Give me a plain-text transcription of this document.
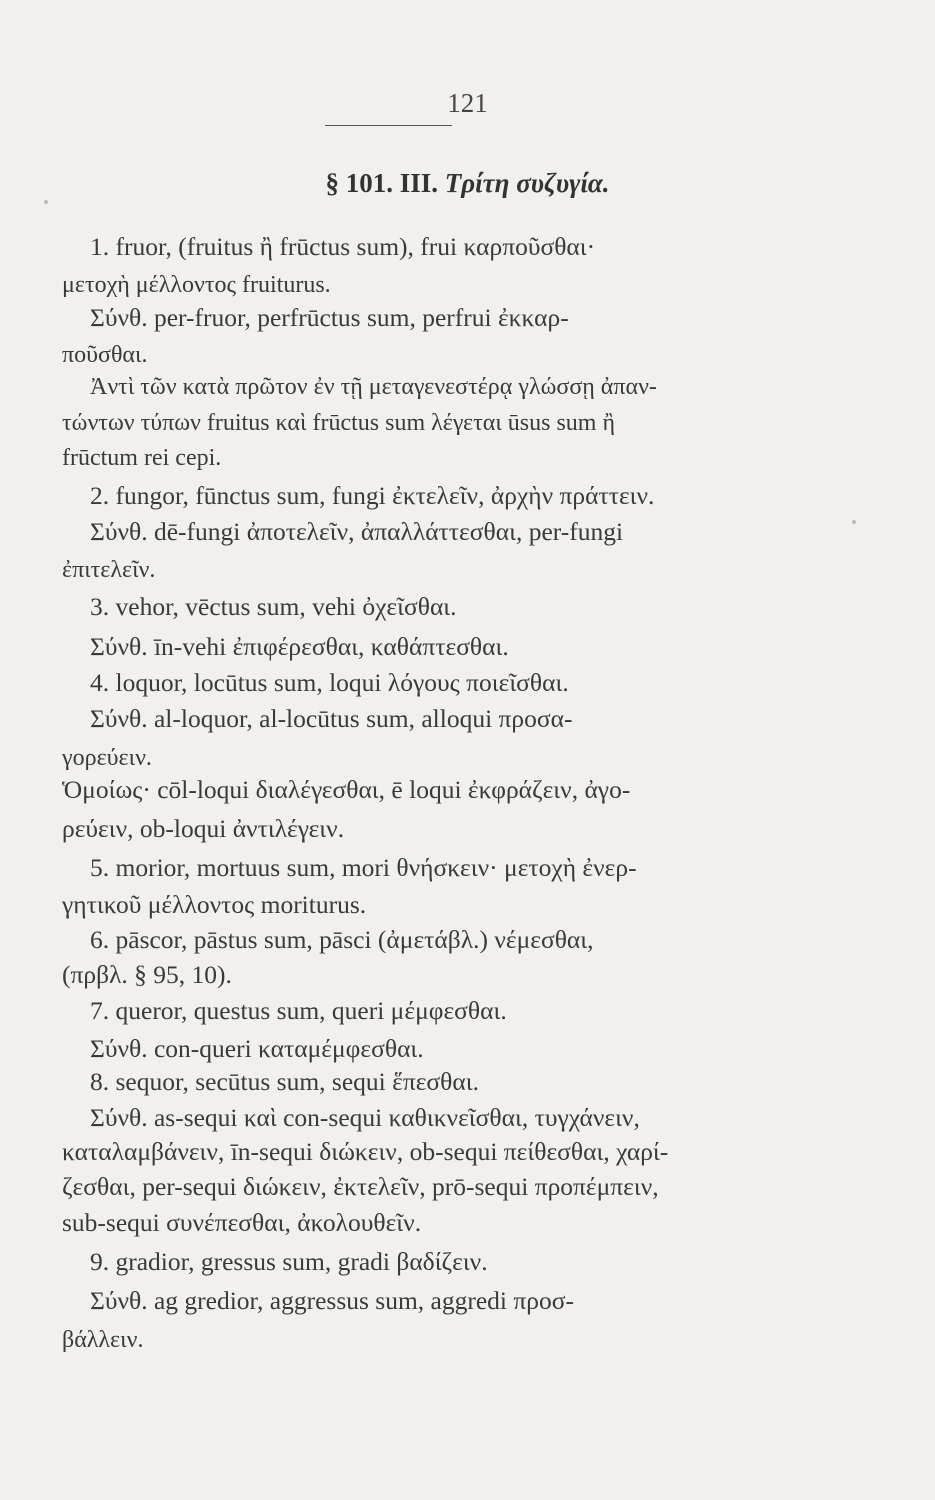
121
§ 101. III. Τρίτη συζυγία.
1. fruor, (fruitus ἢ frūctus sum), frui καρποῦσθαι·
μετοχὴ μέλλοντος fruiturus.
Σύνθ. per-fruor, perfrūctus sum, perfrui ἐκκαρ-
ποῦσθαι.
Ἀντὶ τῶν κατὰ πρῶτον ἐν τῇ μεταγενεστέρᾳ γλώσσῃ ἀπαν-
τώντων τύπων fruitus καὶ frūctus sum λέγεται ūsus sum ἢ
frūctum rei cepi.
2. fungor, fūnctus sum, fungi ἐκτελεῖν, ἀρχὴν πράττειν.
Σύνθ. dē-fungi ἀποτελεῖν, ἀπαλλάττεσθαι, per-fungi
ἐπιτελεῖν.
3. vehor, vēctus sum, vehi ὀχεῖσθαι.
Σύνθ. īn-vehi ἐπιφέρεσθαι, καθάπτεσθαι.
4. loquor, locūtus sum, loqui λόγους ποιεῖσθαι.
Σύνθ. al-loquor, al-locūtus sum, alloqui προσα-
γορεύειν.
Ὁμοίως· cōl-loqui διαλέγεσθαι, ē loqui ἐκφράζειν, ἀγο-
ρεύειν, ob-loqui ἀντιλέγειν.
5. morior, mortuus sum, mori θνήσκειν· μετοχὴ ἐνερ-
γητικοῦ μέλλοντος moriturus.
6. pāscor, pāstus sum, pāsci (ἀμετάβλ.) νέμεσθαι,
(πρβλ. § 95, 10).
7. queror, questus sum, queri μέμφεσθαι.
Σύνθ. con-queri καταμέμφεσθαι.
8. sequor, secūtus sum, sequi ἕπεσθαι.
Σύνθ. as-sequi καὶ con-sequi καθικνεῖσθαι, τυγχάνειν,
καταλαμβάνειν, īn-sequi διώκειν, ob-sequi πείθεσθαι, χαρί-
ζεσθαι, per-sequi διώκειν, ἐκτελεῖν, prō-sequi προπέμπειν,
sub-sequi συνέπεσθαι, ἀκολουθεῖν.
9. gradior, gressus sum, gradi βαδίζειν.
Σύνθ. ag gredior, aggressus sum, aggredi προσ-
βάλλειν.
